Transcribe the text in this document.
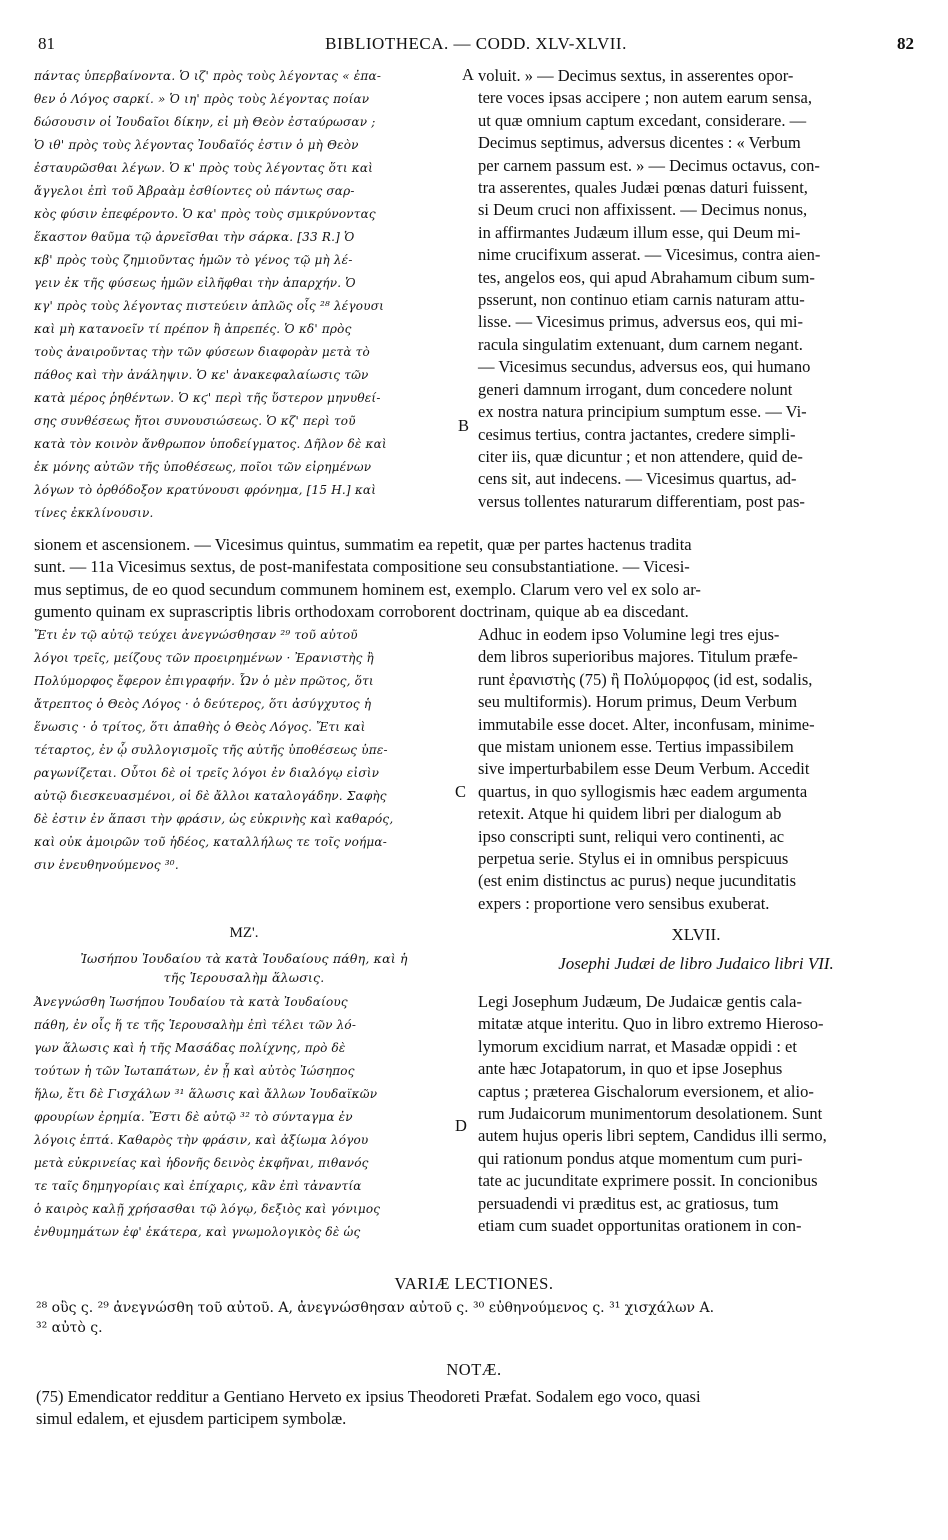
81	BIBLIOTHECA. — CODD. XLV-XLVII.	82
πάντας ὑπερβαίνοντα. Ὁ ιζ' πρὸς τοὺς λέγοντας « ἐπα-
θεν ὁ Λόγος σαρκί. » Ὁ ιη' πρὸς τοὺς λέγοντας ποίαν
δώσουσιν οἱ Ἰουδαῖοι δίκην, εἰ μὴ Θεὸν ἐσταύρωσαν ;
Ὁ ιθ' πρὸς τοὺς λέγοντας Ἰουδαῖός ἐστιν ὁ μὴ Θεὸν
ἐσταυρῶσθαι λέγων. Ὁ κ' πρὸς τοὺς λέγοντας ὅτι καὶ
ἄγγελοι ἐπὶ τοῦ Ἀβραὰμ ἐσθίοντες οὐ πάντως σαρ-
κὸς φύσιν ἐπεφέροντο. Ὁ κα' πρὸς τοὺς σμικρύνοντας
ἕκαστον θαῦμα τῷ ἀρνεῖσθαι τὴν σάρκα. [33 R.] Ὁ
κβ' πρὸς τοὺς ζημιοῦντας ἡμῶν τὸ γένος τῷ μὴ λέ-
γειν ἐκ τῆς φύσεως ἡμῶν εἰλῆφθαι τὴν ἀπαρχήν. Ὁ
κγ' πρὸς τοὺς λέγοντας πιστεύειν ἁπλῶς οἷς ²⁸ λέγουσι
καὶ μὴ κατανοεῖν τί πρέπον ἢ ἀπρεπές. Ὁ κδ' πρὸς
τοὺς ἀναιροῦντας τὴν τῶν φύσεων διαφορὰν μετὰ τὸ
πάθος καὶ τὴν ἀνάληψιν. Ὁ κε' ἀνακεφαλαίωσις τῶν
κατὰ μέρος ῥηθέντων. Ὁ κϛ' περὶ τῆς ὕστερον μηνυθεί-
σης συνθέσεως ἤτοι συνουσιώσεως. Ὁ κζ' περὶ τοῦ
κατὰ τὸν κοινὸν ἄνθρωπον ὑποδείγματος. Δῆλον δὲ καὶ
ἐκ μόνης αὐτῶν τῆς ὑποθέσεως, ποῖοι τῶν εἰρημένων
λόγων τὸ ὀρθόδοξον κρατύνουσι φρόνημα, [15 H.] καὶ
τίνες ἐκκλίνουσιν.
voluit. » — Decimus sextus, in asserentes opor-
tere voces ipsas accipere ; non autem earum sensa,
ut quæ omnium captum excedant, considerare. —
Decimus septimus, adversus dicentes : « Verbum
per carnem passum est. » — Decimus octavus, con-
tra asserentes, quales Judæi pœnas daturi fuissent,
si Deum cruci non affixissent. — Decimus nonus,
in affirmantes Judæum illum esse, qui Deum mi-
nime crucifixum asserat. — Vicesimus, contra aien-
tes, angelos eos, qui apud Abrahamum cibum sum-
psserunt, non continuo etiam carnis naturam attu-
lisse. — Vicesimus primus, adversus eos, qui mi-
racula singulatim extenuant, dum carnem negant.
— Vicesimus secundus, adversus eos, qui humano
generi damnum irrogant, dum concedere nolunt
ex nostra natura principium sumptum esse. — Vi-
cesimus tertius, contra jactantes, credere simpli-
citer iis, quæ dicuntur ; et non attendere, quid de-
cens sit, aut indecens. — Vicesimus quartus, ad-
versus tollentes naturarum differentiam, post pas-
A
B
sionem et ascensionem. — Vicesimus quintus, summatim ea repetit, quæ per partes hactenus tradita
sunt. — 11a Vicesimus sextus, de post-manifestata compositione seu consubstantiatione. — Vicesi-
mus septimus, de eo quod secundum communem hominem est, exemplo. Clarum vero vel ex solo ar-
gumento quinam ex suprascriptis libris orthodoxam corroborent doctrinam, quique ab ea discedant.
Ἔτι ἐν τῷ αὐτῷ τεύχει ἀνεγνώσθησαν ²⁹ τοῦ αὐτοῦ
λόγοι τρεῖς, μείζους τῶν προειρημένων · Ἐρανιστὴς ἢ
Πολύμορφος ἔφερον ἐπιγραφήν. Ὧν ὁ μὲν πρῶτος, ὅτι
ἄτρεπτος ὁ Θεὸς Λόγος · ὁ δεύτερος, ὅτι ἀσύγχυτος ἡ
ἕνωσις · ὁ τρίτος, ὅτι ἀπαθὴς ὁ Θεὸς Λόγος. Ἔτι καὶ
τέταρτος, ἐν ᾧ συλλογισμοῖς τῆς αὐτῆς ὑποθέσεως ὑπε-
ραγωνίζεται. Οὗτοι δὲ οἱ τρεῖς λόγοι ἐν διαλόγῳ εἰσὶν
αὐτῷ διεσκευασμένοι, οἱ δὲ ἄλλοι καταλογάδην. Σαφὴς
δὲ ἐστιν ἐν ἅπασι τὴν φράσιν, ὡς εὐκρινὴς καὶ καθαρός,
καὶ οὐκ ἀμοιρῶν τοῦ ἡδέος, καταλλήλως τε τοῖς νοήμα-
σιν ἐνευθηνούμενος ³⁰.
Adhuc in eodem ipso Volumine legi tres ejus-
dem libros superioribus majores. Titulum præfe-
runt ἐρανιστὴς (75) ἢ Πολύμορφος (id est, sodalis,
seu multiformis). Horum primus, Deum Verbum
immutabile esse docet. Alter, inconfusam, minime-
que mistam unionem esse. Tertius impassibilem
sive imperturbabilem esse Deum Verbum. Accedit
quartus, in quo syllogismis hæc eadem argumenta
retexit. Atque hi quidem libri per dialogum ab
ipso conscripti sunt, reliqui vero continenti, ac
perpetua serie. Stylus ei in omnibus perspicuus
(est enim distinctus ac purus) neque jucunditatis
expers : proportione vero sensibus exuberat.
C
ΜΖ'.
Ἰωσήπου Ἰουδαίου τὰ κατὰ Ἰουδαίους πάθη, καὶ ἡ
τῆς Ἱερουσαλὴμ ἅλωσις.
XLVII.
Josephi Judæi de libro Judaico libri VII.
Ἀνεγνώσθη Ἰωσήπου Ἰουδαίου τὰ κατὰ Ἰουδαίους
πάθη, ἐν οἷς ἥ τε τῆς Ἱερουσαλὴμ ἐπὶ τέλει τῶν λό-
γων ἅλωσις καὶ ἡ τῆς Μασάδας πολίχνης, πρὸ δὲ
τούτων ἡ τῶν Ἰωταπάτων, ἐν ᾗ καὶ αὐτὸς Ἰώσηπος
ἥλω, ἔτι δὲ Γισχάλων ³¹ ἅλωσις καὶ ἄλλων Ἰουδαϊκῶν
φρουρίων ἐρημία. Ἔστι δὲ αὐτῷ ³² τὸ σύνταγμα ἐν
λόγοις ἑπτά. Καθαρὸς τὴν φράσιν, καὶ ἀξίωμα λόγου
μετὰ εὐκρινείας καὶ ἡδονῆς δεινὸς ἐκφῆναι, πιθανός
τε ταῖς δημηγορίαις καὶ ἐπίχαρις, κἂν ἐπὶ τἀναντία
ὁ καιρὸς καλῇ χρήσασθαι τῷ λόγῳ, δεξιὸς καὶ γόνιμος
ἐνθυμημάτων ἐφ' ἑκάτερα, καὶ γνωμολογικὸς δὲ ὡς
Legi Josephum Judæum, De Judaicæ gentis cala-
mitatæ atque interitu. Quo in libro extremo Hieroso-
lymorum excidium narrat, et Masadæ oppidi : et
ante hæc Jotapatorum, in quo et ipse Josephus
captus ; præterea Gischalorum eversionem, et alio-
rum Judaicorum munimentorum desolationem. Sunt
autem hujus operis libri septem, Candidus illi sermo,
qui rationum pondus atque momentum cum puri-
tate ac jucunditate exprimere possit. In concionibus
persuadendi vi præditus est, ac gratiosus, tum
etiam cum suadet opportunitas orationem in con-
D
VARIÆ LECTIONES.
²⁸ οὓς ς. ²⁹ ἀνεγνώσθη τοῦ αὐτοῦ. A, ἀνεγνώσθησαν αὐτοῦ ς. ³⁰ εὐθηνούμενος ς. ³¹ χισχάλων A.
³² αὐτὸ ς.
NOTÆ.
(75) Emendicator redditur a Gentiano Herveto ex ipsius Theodoreti Præfat. Sodalem ego voco, quasi
simul edalem, et ejusdem participem symbolæ.
